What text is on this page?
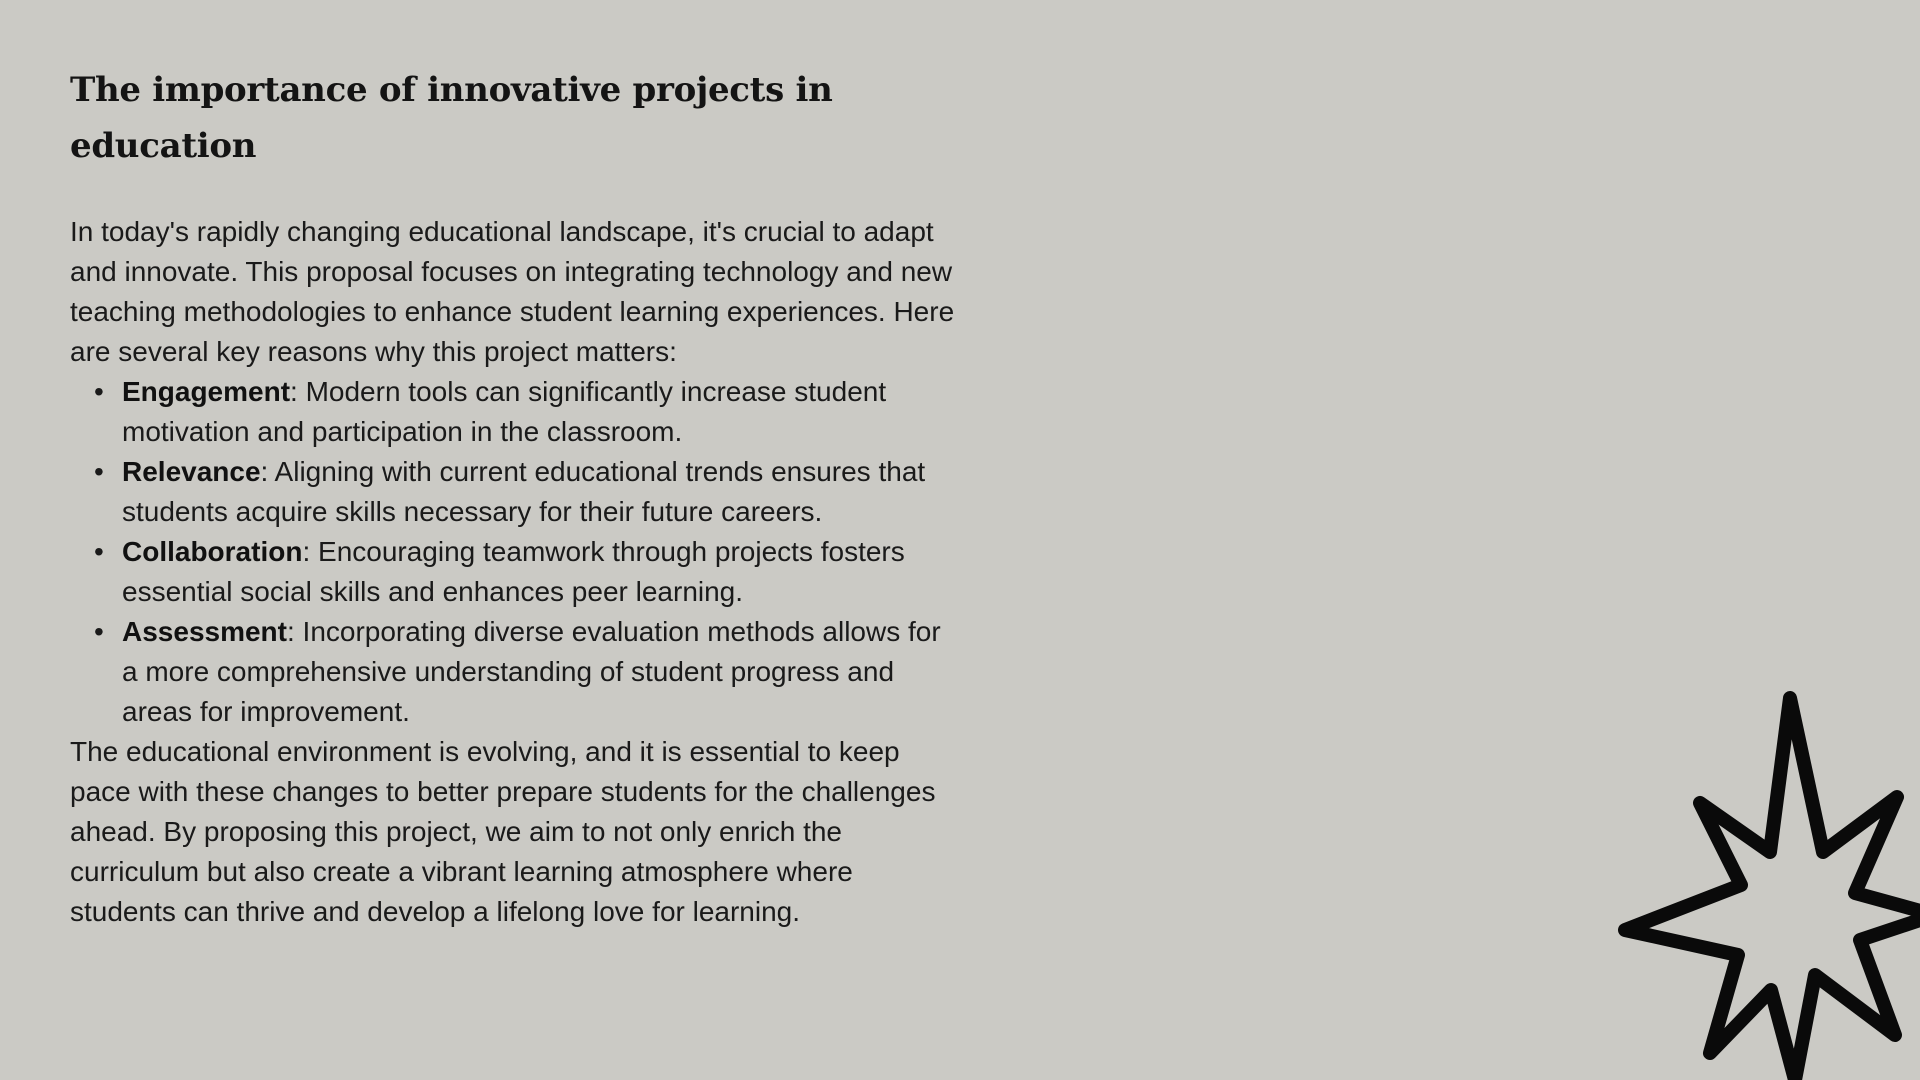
The importance of innovative projects in education

In today's rapidly changing educational landscape, it's crucial to adapt and innovate. This proposal focuses on integrating technology and new teaching methodologies to enhance student learning experiences. Here are several key reasons why this project matters:

• Engagement: Modern tools can significantly increase student motivation and participation in the classroom.
• Relevance: Aligning with current educational trends ensures that students acquire skills necessary for their future careers.
• Collaboration: Encouraging teamwork through projects fosters essential social skills and enhances peer learning.
• Assessment: Incorporating diverse evaluation methods allows for a more comprehensive understanding of student progress and areas for improvement.

The educational environment is evolving, and it is essential to keep pace with these changes to better prepare students for the challenges ahead. By proposing this project, we aim to not only enrich the curriculum but also create a vibrant learning atmosphere where students can thrive and develop a lifelong love for learning.
